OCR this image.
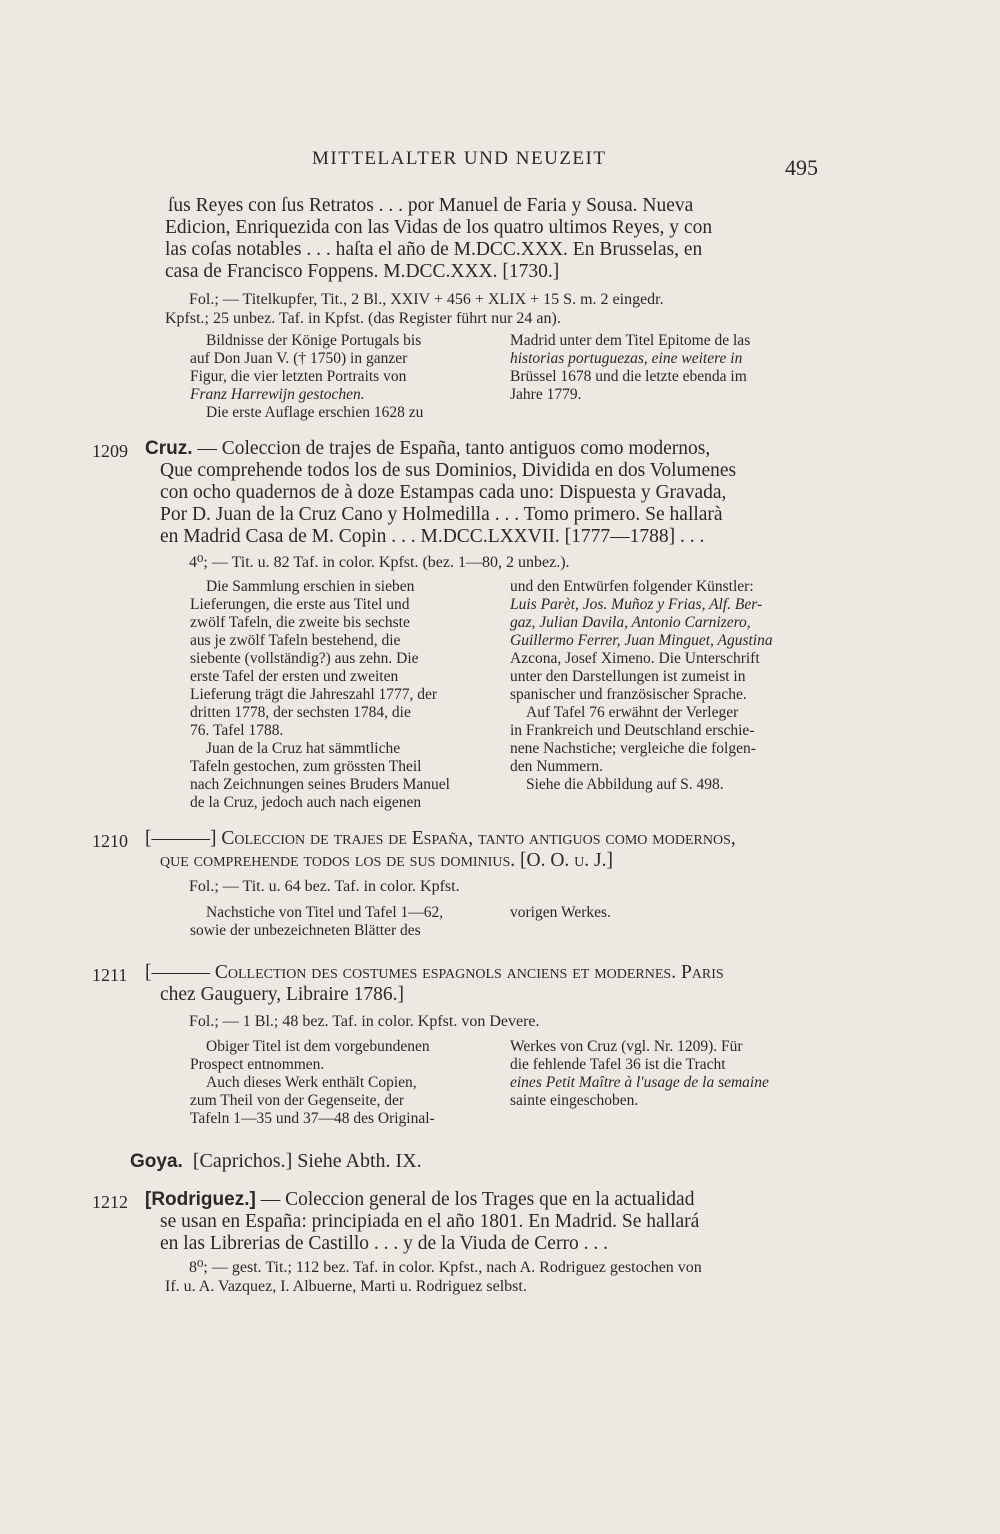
MITTELALTER UND NEUZEIT	495
ſus Reyes con ſus Retratos . . . por Manuel de Faria y Sousa. Nueva
Edicion, Enriquezida con las Vidas de los quatro ultimos Reyes, y con
las coſas notables . . . haſta el año de M.DCC.XXX. En Brusselas, en
casa de Francisco Foppens. M.DCC.XXX. [1730.]
Fol.; — Titelkupfer, Tit., 2 Bl., XXIV + 456 + XLIX + 15 S. m. 2 eingedr.
Kpfst.; 25 unbez. Taf. in Kpfst. (das Register führt nur 24 an).
Bildnisse der Könige Portugals bis
auf Don Juan V. († 1750) in ganzer
Figur, die vier letzten Portraits von
Franz Harrewijn gestochen.
Die erste Auflage erschien 1628 zu
Madrid unter dem Titel Epitome de las
historias portuguezas, eine weitere in
Brüssel 1678 und die letzte ebenda im
Jahre 1779.
1209 Cruz. — Coleccion de trajes de España, tanto antiguos como modernos,
Que comprehende todos los de sus Dominios, Dividida en dos Volumenes
con ocho quadernos de à doze Estampas cada uno: Dispuesta y Gravada,
Por D. Juan de la Cruz Cano y Holmedilla . . . Tomo primero. Se hallarà
en Madrid Casa de M. Copin . . . M.DCC.LXXVII. [1777—1788] . . .
4⁰; — Tit. u. 82 Taf. in color. Kpfst. (bez. 1—80, 2 unbez.).
Die Sammlung erschien in sieben
Lieferungen, die erste aus Titel und
zwölf Tafeln, die zweite bis sechste
aus je zwölf Tafeln bestehend, die
siebente (vollständig?) aus zehn. Die
erste Tafel der ersten und zweiten
Lieferung trägt die Jahreszahl 1777, der
dritten 1778, der sechsten 1784, die
76. Tafel 1788.
Juan de la Cruz hat sämmtliche
Tafeln gestochen, zum grössten Theil
nach Zeichnungen seines Bruders Manuel
de la Cruz, jedoch auch nach eigenen
und den Entwürfen folgender Künstler:
Luis Parèt, Jos. Muñoz y Frias, Alf. Ber-
gaz, Julian Davila, Antonio Carnizero,
Guillermo Ferrer, Juan Minguet, Agustina
Azcona, Josef Ximeno. Die Unterschrift
unter den Darstellungen ist zumeist in
spanischer und französischer Sprache.
Auf Tafel 76 erwähnt der Verleger
in Frankreich und Deutschland erschie-
nene Nachstiche; vergleiche die folgen-
den Nummern.
Siehe die Abbildung auf S. 498.
1210 [———] Coleccion de trajes de España, tanto antiguos como modernos,
que comprehende todos los de sus dominius. [O. O. u. J.]
Fol.; — Tit. u. 64 bez. Taf. in color. Kpfst.
Nachstiche von Titel und Tafel 1—62,
sowie der unbezeichneten Blätter des
vorigen Werkes.
1211 [——— Collection des costumes espagnols anciens et modernes. Paris
chez Gauguery, Libraire 1786.]
Fol.; — 1 Bl.; 48 bez. Taf. in color. Kpfst. von Devere.
Obiger Titel ist dem vorgebundenen
Prospect entnommen.
Auch dieses Werk enthält Copien,
zum Theil von der Gegenseite, der
Tafeln 1—35 und 37—48 des Original-
Werkes von Cruz (vgl. Nr. 1209). Für
die fehlende Tafel 36 ist die Tracht
eines Petit Maître à l'usage de la semaine
sainte eingeschoben.
Goya. [Caprichos.] Siehe Abth. IX.
1212 [Rodriguez.] — Coleccion general de los Trages que en la actualidad
se usan en España: principiada en el año 1801. En Madrid. Se hallará
en las Librerias de Castillo . . . y de la Viuda de Cerro . . .
8⁰; — gest. Tit.; 112 bez. Taf. in color. Kpfst., nach A. Rodriguez gestochen von
If. u. A. Vazquez, I. Albuerne, Marti u. Rodriguez selbst.
